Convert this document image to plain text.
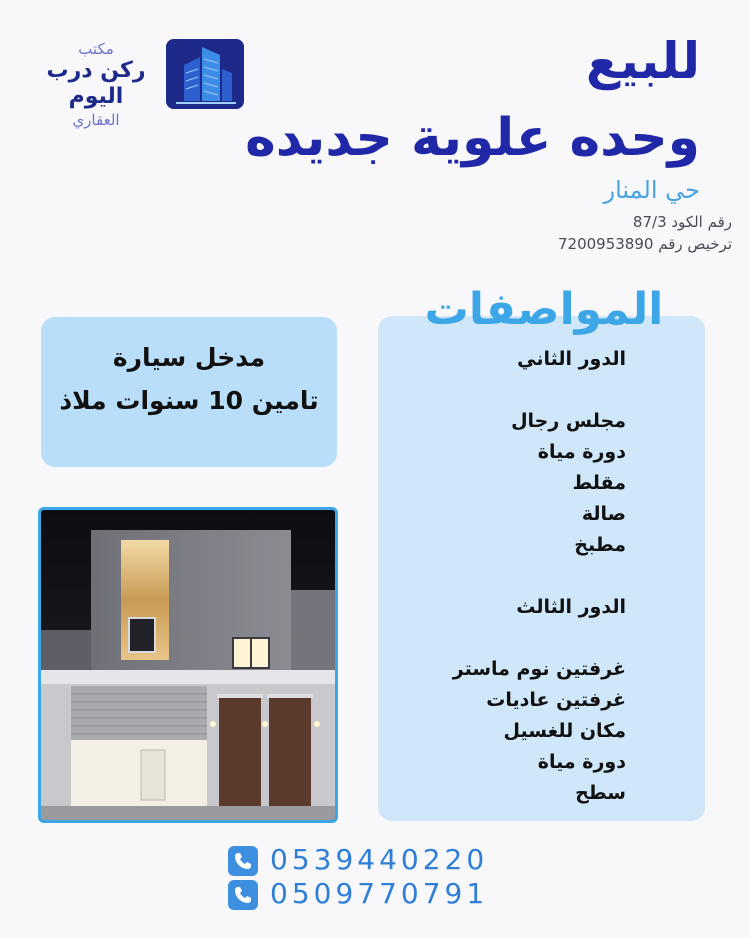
مكتب
ركن درب اليوم
العقاري
للبيع
وحده علوية جديده
حي المنار
رقم الكود 87/3
ترخيص رقم 7200953890
المواصفات
الدور الثاني
مجلس رجال
دورة مياة
مقلط
صالة
مطبخ
الدور الثالث
غرفتين نوم ماستر
غرفتين عاديات
مكان للغسيل
دورة مياة
سطح
مدخل سيارة
تامين 10 سنوات ملاذ
0539440220
0509770791
